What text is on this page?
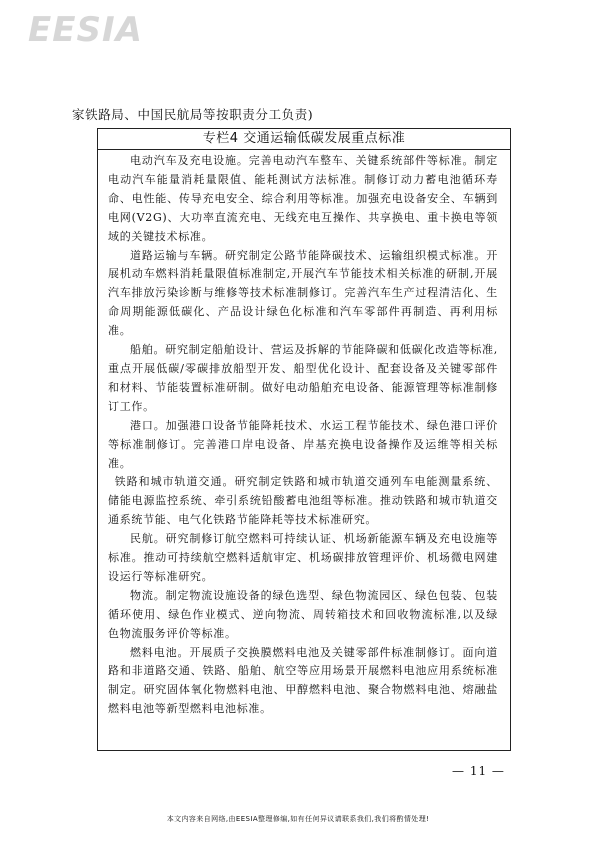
EESIA
家铁路局、中国民航局等按职责分工负责)
专栏4 交通运输低碳发展重点标准

电动汽车及充电设施。完善电动汽车整车、关键系统部件等标准。制定电动汽车能量消耗量限值、能耗测试方法标准。制修订动力蓄电池循环寿命、电性能、传导充电安全、综合利用等标准。加强充电设备安全、车辆到电网(V2G)、大功率直流充电、无线充电互操作、共享换电、重卡换电等领域的关键技术标准。

道路运输与车辆。研究制定公路节能降碳技术、运输组织模式标准。开展机动车燃料消耗量限值标准制定,开展汽车节能技术相关标准的研制,开展汽车排放污染诊断与维修等技术标准制修订。完善汽车生产过程清洁化、生命周期能源低碳化、产品设计绿色化标准和汽车零部件再制造、再利用标准。

船舶。研究制定船舶设计、营运及拆解的节能降碳和低碳化改造等标准,重点开展低碳/零碳排放船型开发、船型优化设计、配套设备及关键零部件和材料、节能装置标准研制。做好电动船舶充电设备、能源管理等标准制修订工作。

港口。加强港口设备节能降耗技术、水运工程节能技术、绿色港口评价等标准制修订。完善港口岸电设备、岸基充换电设备操作及运维等相关标准。

铁路和城市轨道交通。研究制定铁路和城市轨道交通列车电能测量系统、储能电源监控系统、牵引系统铅酸蓄电池组等标准。推动铁路和城市轨道交通系统节能、电气化铁路节能降耗等技术标准研究。

民航。研究制修订航空燃料可持续认证、机场新能源车辆及充电设施等标准。推动可持续航空燃料适航审定、机场碳排放管理评价、机场微电网建设运行等标准研究。

物流。制定物流设施设备的绿色选型、绿色物流园区、绿色包装、包装循环使用、绿色作业模式、逆向物流、周转箱技术和回收物流标准,以及绿色物流服务评价等标准。

燃料电池。开展质子交换膜燃料电池及关键零部件标准制修订。面向道路和非道路交通、铁路、船舶、航空等应用场景开展燃料电池应用系统标准制定。研究固体氧化物燃料电池、甲醇燃料电池、聚合物燃料电池、熔融盐燃料电池等新型燃料电池标准。

— 11 —
本文内容来自网络,由EESIA整理修编,如有任何异议请联系我们,我们将酌情处理!
